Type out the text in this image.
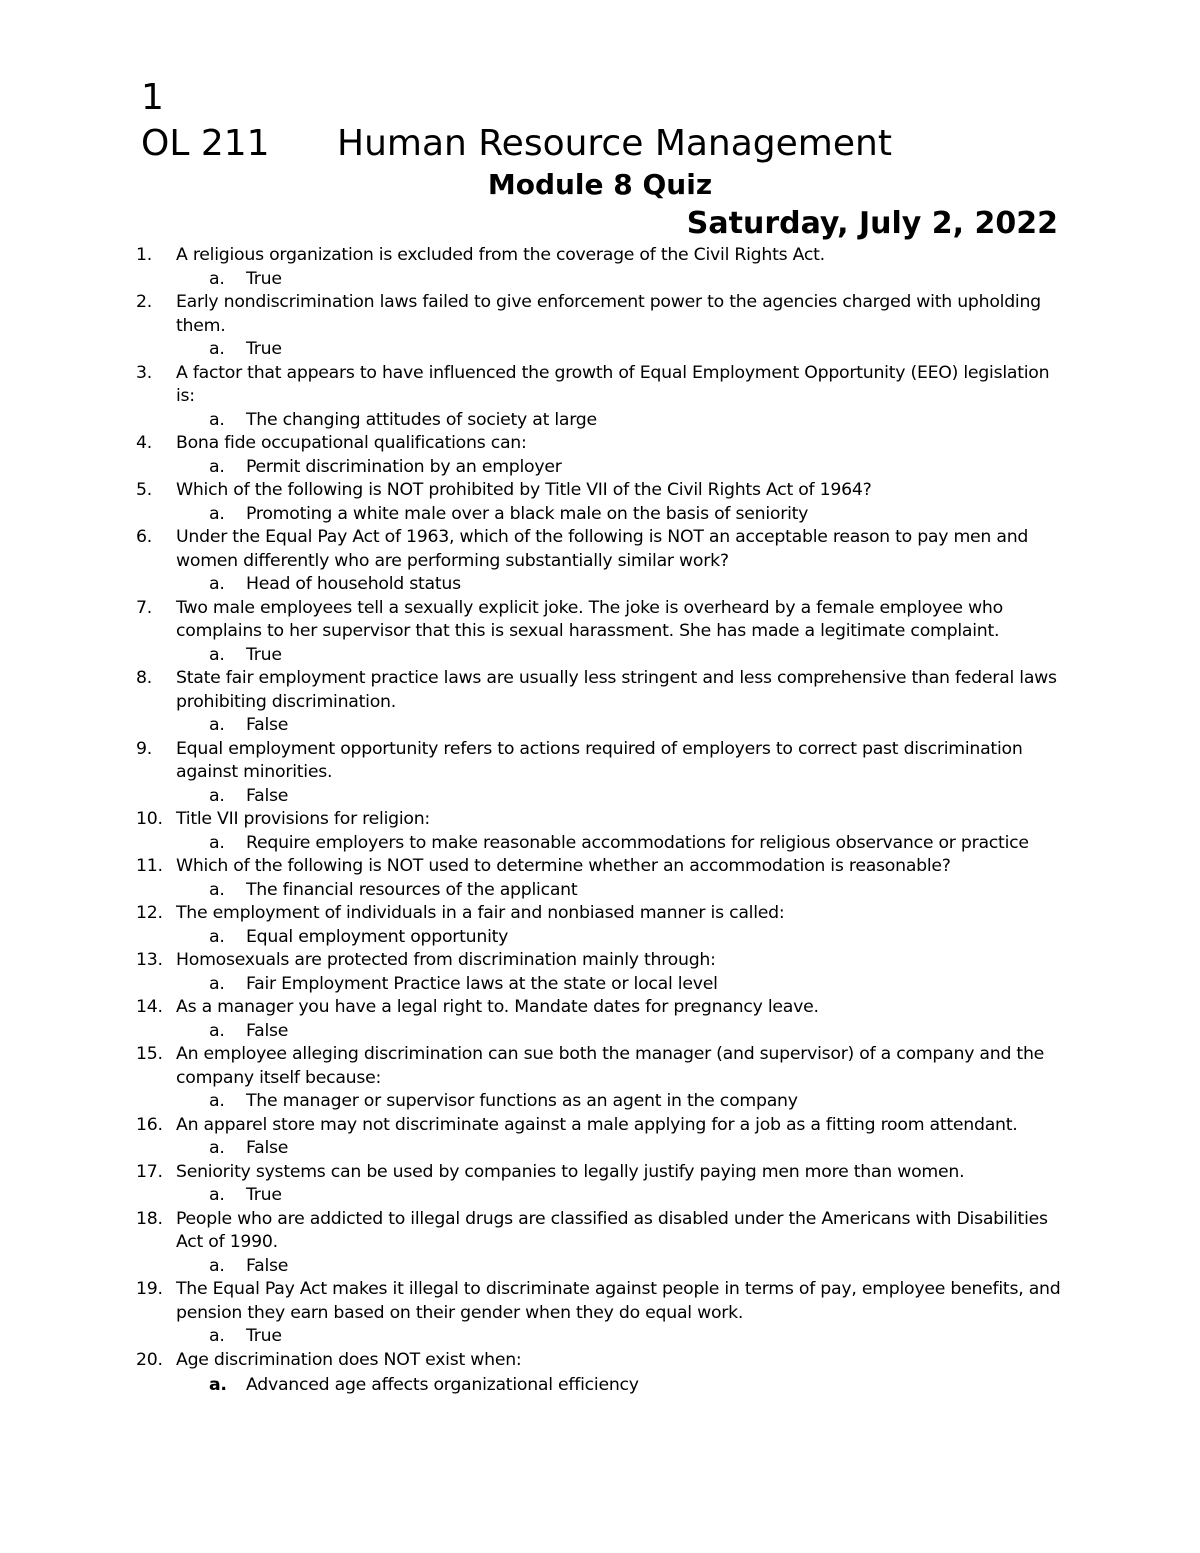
1
OL 211 Human Resource Management
Module 8 Quiz
Saturday, July 2, 2022
1.	A religious organization is excluded from the coverage of the Civil Rights Act.
a. True
2.	Early nondiscrimination laws failed to give enforcement power to the agencies charged with upholding them.
a. True
3.	A factor that appears to have influenced the growth of Equal Employment Opportunity (EEO) legislation is:
a. The changing attitudes of society at large
4.	Bona fide occupational qualifications can:
a. Permit discrimination by an employer
5.	Which of the following is NOT prohibited by Title VII of the Civil Rights Act of 1964?
a. Promoting a white male over a black male on the basis of seniority
6.	Under the Equal Pay Act of 1963, which of the following is NOT an acceptable reason to pay men and women differently who are performing substantially similar work?
a. Head of household status
7.	Two male employees tell a sexually explicit joke. The joke is overheard by a female employee who complains to her supervisor that this is sexual harassment. She has made a legitimate complaint.
a. True
8.	State fair employment practice laws are usually less stringent and less comprehensive than federal laws prohibiting discrimination.
a. False
9.	Equal employment opportunity refers to actions required of employers to correct past discrimination against minorities.
a. False
10. Title VII provisions for religion:
a. Require employers to make reasonable accommodations for religious observance or practice
11. Which of the following is NOT used to determine whether an accommodation is reasonable?
a. The financial resources of the applicant
12. The employment of individuals in a fair and nonbiased manner is called:
a. Equal employment opportunity
13. Homosexuals are protected from discrimination mainly through:
a. Fair Employment Practice laws at the state or local level
14. As a manager you have a legal right to. Mandate dates for pregnancy leave.
a. False
15. An employee alleging discrimination can sue both the manager (and supervisor) of a company and the company itself because:
a. The manager or supervisor functions as an agent in the company
16. An apparel store may not discriminate against a male applying for a job as a fitting room attendant.
a. False
17. Seniority systems can be used by companies to legally justify paying men more than women.
a. True
18. People who are addicted to illegal drugs are classified as disabled under the Americans with Disabilities Act of 1990.
a. False
19. The Equal Pay Act makes it illegal to discriminate against people in terms of pay, employee benefits, and pension they earn based on their gender when they do equal work.
a. True
20. Age discrimination does NOT exist when:
a. Advanced age affects organizational efficiency
